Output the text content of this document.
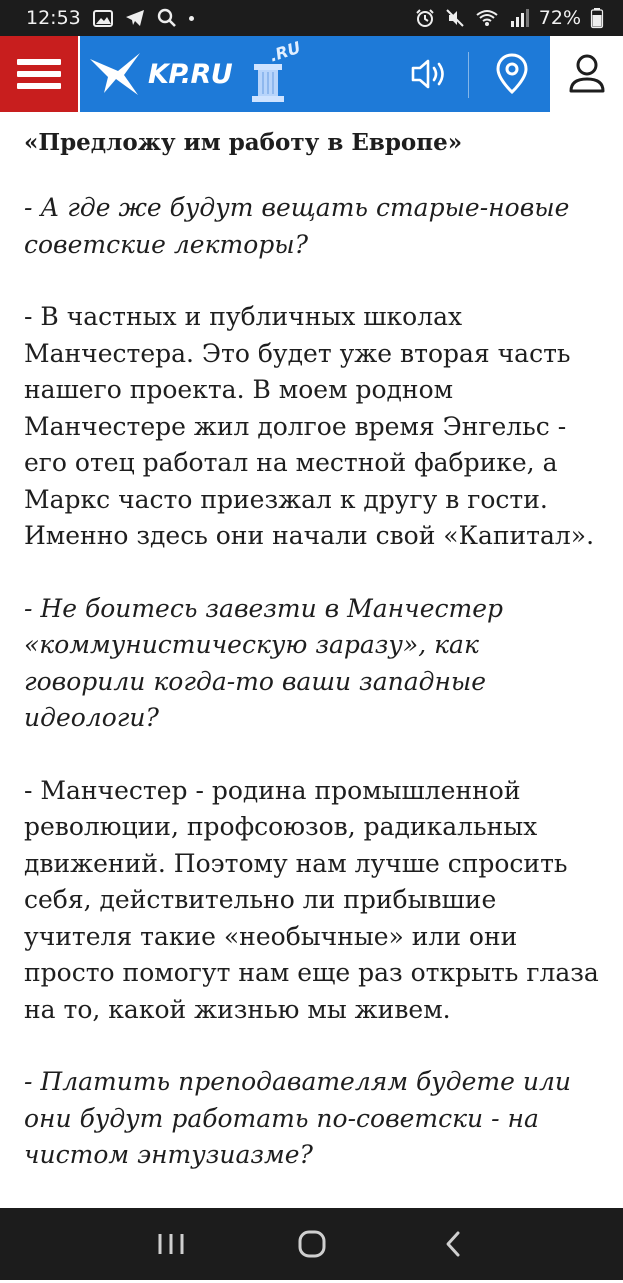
12:53	72%
KP.RU
.RU

«Предложу им работу в Европе»

- А где же будут вещать старые-новые советские лекторы?

- В частных и публичных школах Манчестера. Это будет уже вторая часть нашего проекта. В моем родном Манчестере жил долгое время Энгельс - его отец работал на местной фабрике, а Маркс часто приезжал к другу в гости. Именно здесь они начали свой «Капитал».

- Не боитесь завезти в Манчестер «коммунистическую заразу», как говорили когда-то ваши западные идеологи?

- Манчестер - родина промышленной революции, профсоюзов, радикальных движений. Поэтому нам лучше спросить себя, действительно ли прибывшие учителя такие «необычные» или они просто помогут нам еще раз открыть глаза на то, какой жизнью мы живем.

- Платить преподавателям будете или они будут работать по-советски - на чистом энтузиазме?
